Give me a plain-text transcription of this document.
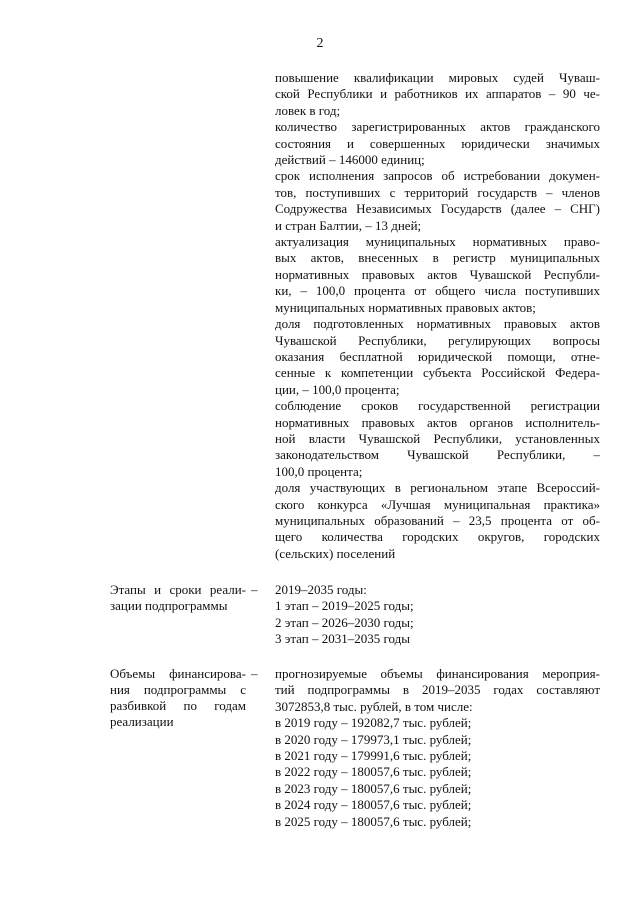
2
повышение квалификации мировых судей Чуваш-
ской Республики и работников их аппаратов – 90 че-
ловек в год;
количество зарегистрированных актов гражданского
состояния и совершенных юридически значимых
действий – 146000 единиц;
срок исполнения запросов об истребовании докумен-
тов, поступивших с территорий государств – членов
Содружества Независимых Государств (далее – СНГ)
и стран Балтии, – 13 дней;
актуализация муниципальных нормативных право-
вых актов, внесенных в регистр муниципальных
нормативных правовых актов Чувашской Республи-
ки, – 100,0 процента от общего числа поступивших
муниципальных нормативных правовых актов;
доля подготовленных нормативных правовых актов
Чувашской Республики, регулирующих вопросы
оказания бесплатной юридической помощи, отне-
сенные к компетенции субъекта Российской Федера-
ции, – 100,0 процента;
соблюдение сроков государственной регистрации
нормативных правовых актов органов исполнитель-
ной власти Чувашской Республики, установленных
законодательством Чувашской Республики, –
100,0 процента;
доля участвующих в региональном этапе Всероссий-
ского конкурса «Лучшая муниципальная практика»
муниципальных образований – 23,5 процента от об-
щего количества городских округов, городских
(сельских) поселений
Этапы и сроки реали-
зации подпрограммы
– 2019–2035 годы:
1 этап – 2019–2025 годы;
2 этап – 2026–2030 годы;
3 этап – 2031–2035 годы
Объемы финансирова-
ния подпрограммы с
разбивкой по годам
реализации
– прогнозируемые объемы финансирования мероприя-
тий подпрограммы в 2019–2035 годах составляют
3072853,8 тыс. рублей, в том числе:
в 2019 году – 192082,7 тыс. рублей;
в 2020 году – 179973,1 тыс. рублей;
в 2021 году – 179991,6 тыс. рублей;
в 2022 году – 180057,6 тыс. рублей;
в 2023 году – 180057,6 тыс. рублей;
в 2024 году – 180057,6 тыс. рублей;
в 2025 году – 180057,6 тыс. рублей;
